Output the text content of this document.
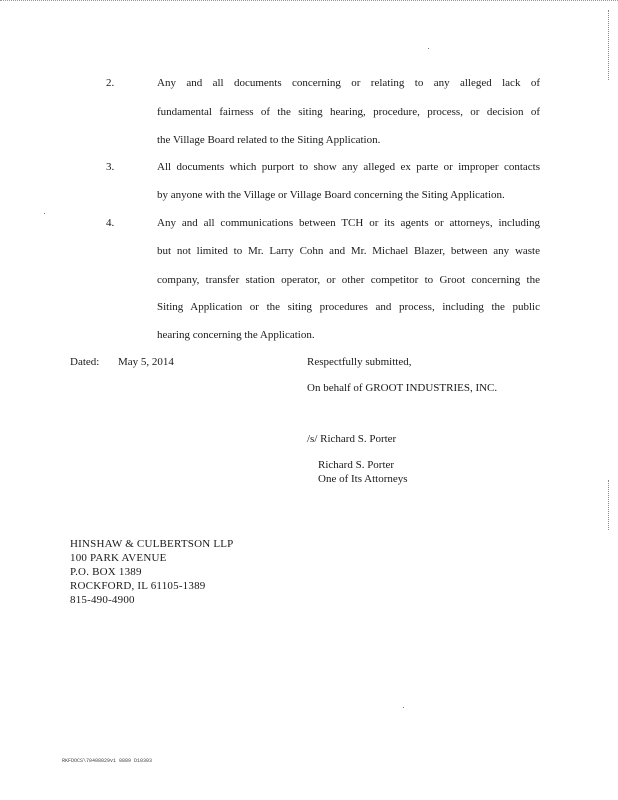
2.	Any and all documents concerning or relating to any alleged lack of
fundamental fairness of the siting hearing, procedure, process, or decision of
the Village Board related to the Siting Application.
3.	All documents which purport to show any alleged ex parte or improper contacts
by anyone with the Village or Village Board concerning the Siting Application.
4.	Any and all communications between TCH or its agents or attorneys, including
but not limited to Mr. Larry Cohn and Mr. Michael Blazer, between any waste
company, transfer station operator, or other competitor to Groot concerning the
Siting Application or the siting procedures and process, including the public
hearing concerning the Application.
Dated: May 5, 2014	Respectfully submitted,
On behalf of GROOT INDUSTRIES, INC.
/s/ Richard S. Porter
Richard S. Porter
One of Its Attorneys
HINSHAW & CULBERTSON LLP
100 PARK AVENUE
P.O. BOX 1389
ROCKFORD, IL 61105-1389
815-490-4900
RKFDOCS\70408029v1 0889 D10303
